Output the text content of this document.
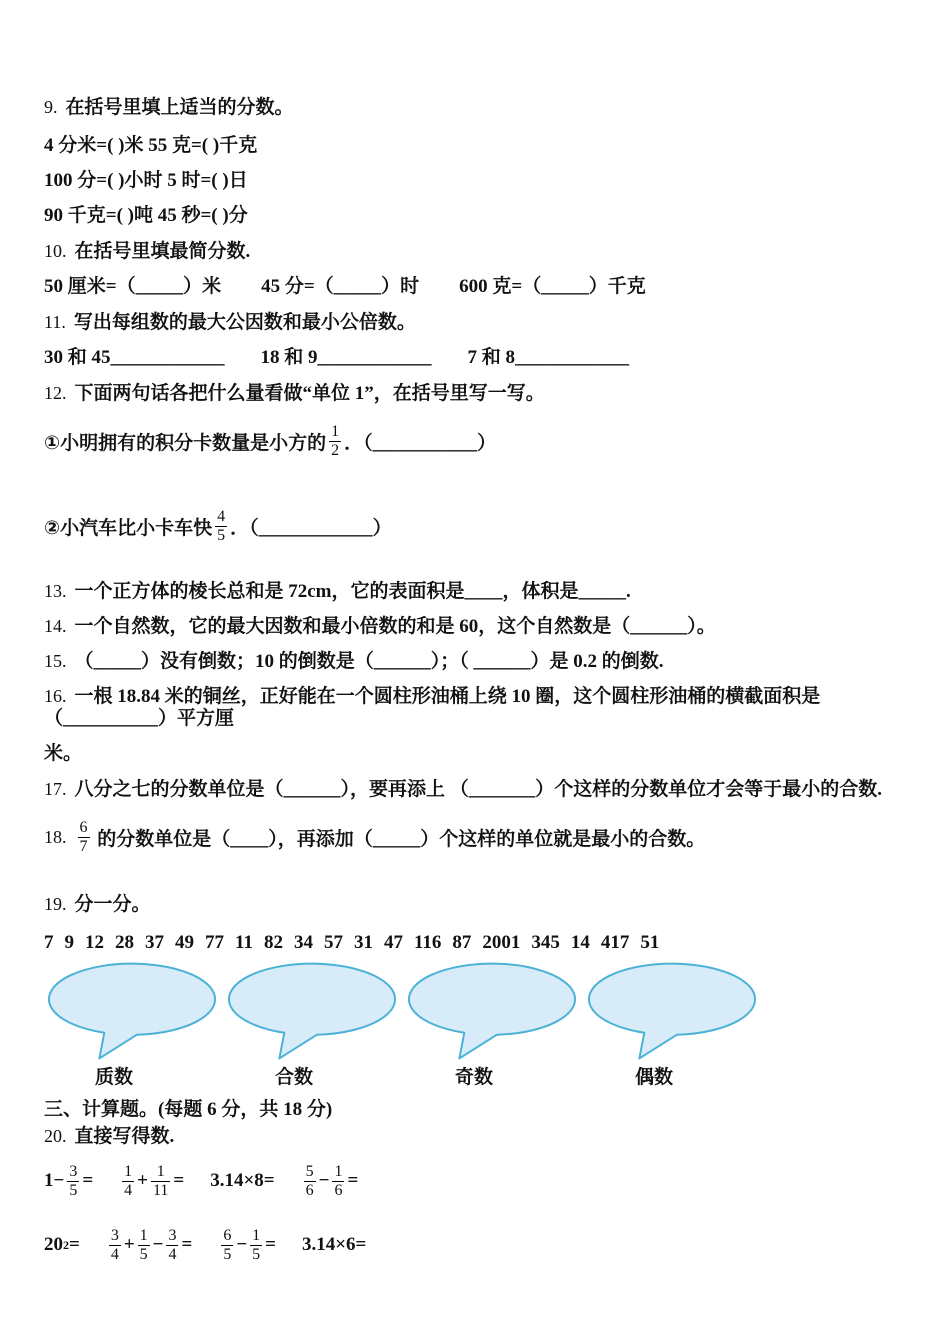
9. 在括号里填上适当的分数。
4 分米=( )米 55 克=( )千克
100 分=( )小时 5 时=( )日
90 千克=( )吨 45 秒=( )分
10. 在括号里填最简分数.
50 厘米=（_____）米 45 分=（_____）时 600 克=（_____）千克
11. 写出每组数的最大公因数和最小公倍数。
30 和 45____________ 18 和 9____________ 7 和 8____________
12. 下面两句话各把什么量看做“单位 1”，在括号里写一写。
①小明拥有的积分卡数量是小方的 $\frac{1}{2}$ ．（___________）
②小汽车比小卡车快 $\frac{4}{5}$ ．（____________）
13. 一个正方体的棱长总和是 72cm，它的表面积是____，体积是_____.
14. 一个自然数，它的最大因数和最小倍数的和是 60，这个自然数是（______）。
15. （_____）没有倒数；10 的倒数是（______）；（ ______）是 0.2 的倒数.
16. 一根 18.84 米的铜丝，正好能在一个圆柱形油桶上绕 10 圈，这个圆柱形油桶的横截面积是（__________）平方厘
米。
17. 八分之七的分数单位是（______），要再添上 （_______）个这样的分数单位才会等于最小的合数.
18. $\frac{6}{7}$ 的分数单位是（____），再添加（_____）个这样的单位就是最小的合数。
19. 分一分。
7 9 12 28 37 49 77 11 82 34 57 31 47 116 87 2001 345 14 417 51
质数	合数	奇数	偶数
三、计算题。(每题 6 分，共 18 分)
20. 直接写得数.
$1- \frac{3}{5} = \frac{1}{4} + \frac{1}{11} = 3.14\times 8= \frac{5}{6} - \frac{1}{6}$ =
20 $2 = \frac{3}{4} + \frac{1}{5} - \frac{3}{4} = \frac{6}{5} - \frac{1}{5} = 3.14\times 6=$
